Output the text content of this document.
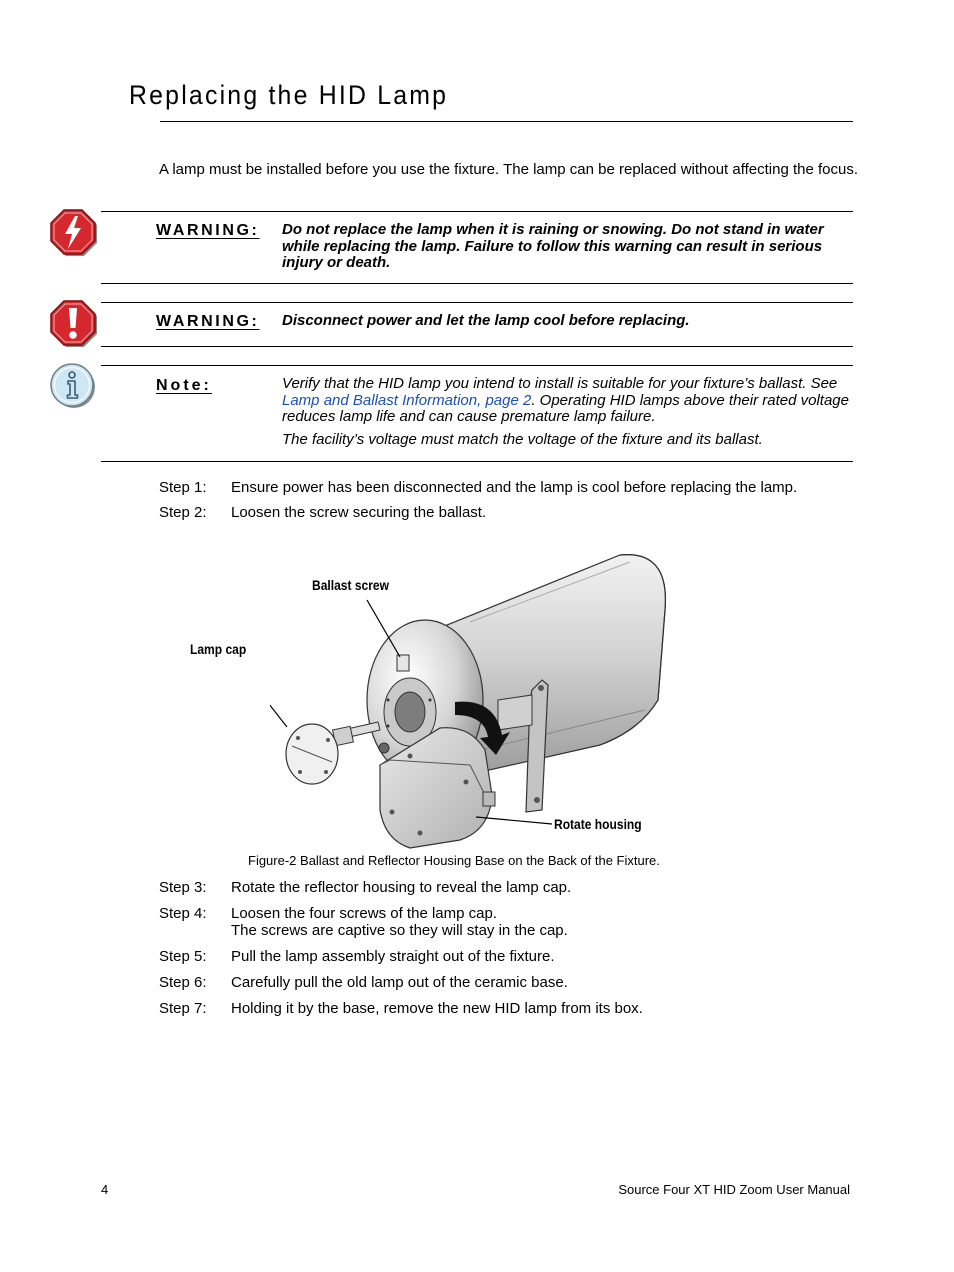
Replacing the HID Lamp
A lamp must be installed before you use the fixture. The lamp can be replaced without affecting the focus.
WARNING: Do not replace the lamp when it is raining or snowing. Do not stand in water while replacing the lamp. Failure to follow this warning can result in serious injury or death.
WARNING: Disconnect power and let the lamp cool before replacing.
Note:	Verify that the HID lamp you intend to install is suitable for your fixture’s ballast. See Lamp and Ballast Information, page 2. Operating HID lamps above their rated voltage reduces lamp life and can cause premature lamp failure.
The facility’s voltage must match the voltage of the fixture and its ballast.
Step 1: Ensure power has been disconnected and the lamp is cool before replacing the lamp.
Step 2: Loosen the screw securing the ballast.
Ballast screw
Lamp cap
Rotate housing
Figure-2 Ballast and Reflector Housing Base on the Back of the Fixture.
Step 3: Rotate the reflector housing to reveal the lamp cap.
Step 4: Loosen the four screws of the lamp cap.
The screws are captive so they will stay in the cap.
Step 5: Pull the lamp assembly straight out of the fixture.
Step 6: Carefully pull the old lamp out of the ceramic base.
Step 7: Holding it by the base, remove the new HID lamp from its box.
4	Source Four XT HID Zoom User Manual
